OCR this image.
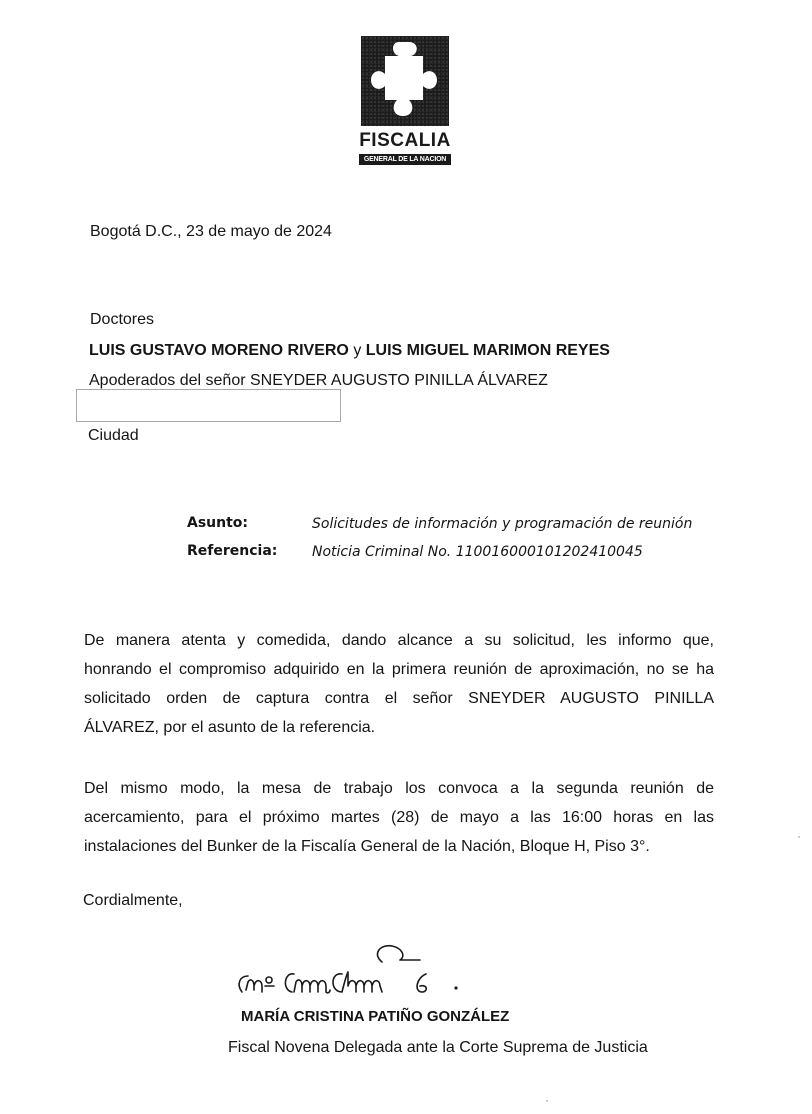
FISCALIA
GENERAL DE LA NACION
Bogotá D.C., 23 de mayo de 2024
Doctores
LUIS GUSTAVO MORENO RIVERO y LUIS MIGUEL MARIMON REYES
Apoderados del señor SNEYDER AUGUSTO PINILLA ÁLVAREZ
Ciudad
Asunto:	Solicitudes de información y programación de reunión
Referencia: Noticia Criminal No. 110016000101202410045
De manera atenta y comedida, dando alcance a su solicitud, les informo que,
honrando el compromiso adquirido en la primera reunión de aproximación, no se ha
solicitado orden de captura contra el señor SNEYDER AUGUSTO PINILLA
ÁLVAREZ, por el asunto de la referencia.
Del mismo modo, la mesa de trabajo los convoca a la segunda reunión de
acercamiento, para el próximo martes (28) de mayo a las 16:00 horas en las
instalaciones del Bunker de la Fiscalía General de la Nación, Bloque H, Piso 3°.
Cordialmente,
MARÍA CRISTINA PATIÑO GONZÁLEZ
Fiscal Novena Delegada ante la Corte Suprema de Justicia
